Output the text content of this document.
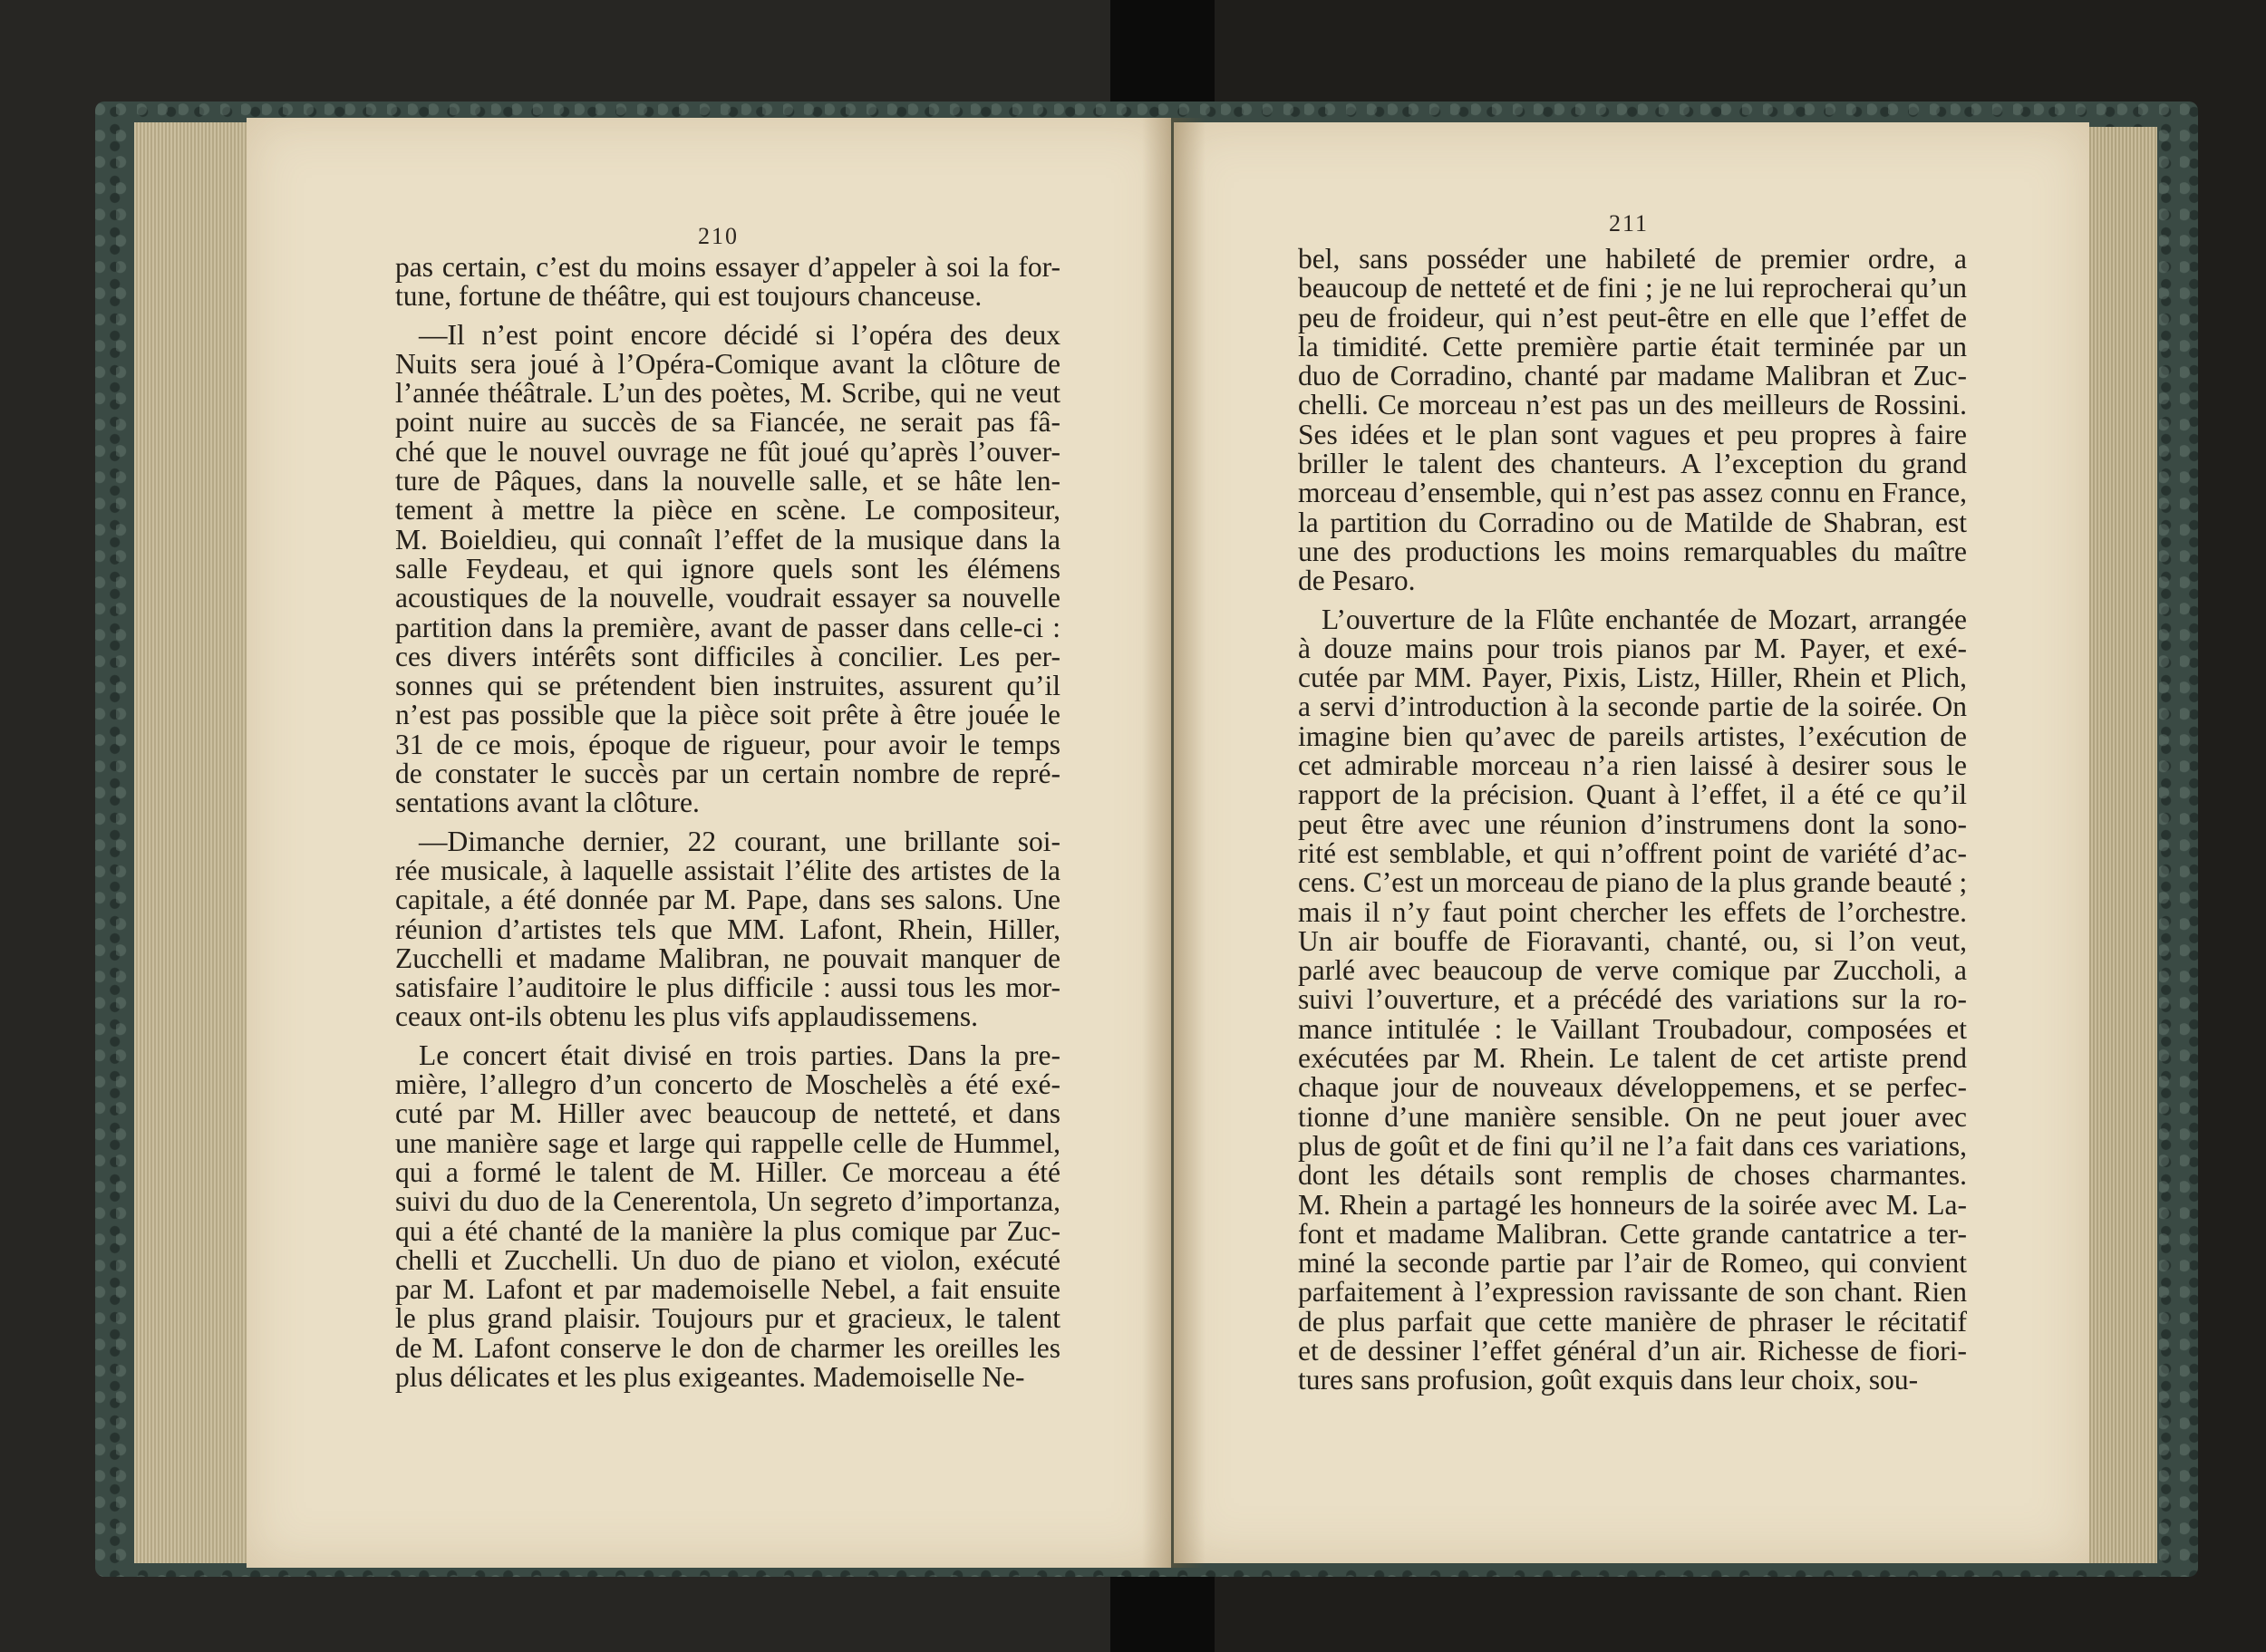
210	211
pas certain, c’est du moins essayer d’appeler à soi la for-
tune, fortune de théâtre, qui est toujours chanceuse.
—Il n’est point encore décidé si l’opéra des deux
Nuits sera joué à l’Opéra-Comique avant la clôture de
l’année théâtrale. L’un des poètes, M. Scribe, qui ne veut
point nuire au succès de sa Fiancée, ne serait pas fâ-
ché que le nouvel ouvrage ne fût joué qu’après l’ouver-
ture de Pâques, dans la nouvelle salle, et se hâte len-
tement à mettre la pièce en scène. Le compositeur,
M. Boieldieu, qui connaît l’effet de la musique dans la
salle Feydeau, et qui ignore quels sont les élémens
acoustiques de la nouvelle, voudrait essayer sa nouvelle
partition dans la première, avant de passer dans celle-ci :
ces divers intérêts sont difficiles à concilier. Les per-
sonnes qui se prétendent bien instruites, assurent qu’il
n’est pas possible que la pièce soit prête à être jouée le
31 de ce mois, époque de rigueur, pour avoir le temps
de constater le succès par un certain nombre de repré-
sentations avant la clôture.
—Dimanche dernier, 22 courant, une brillante soi-
rée musicale, à laquelle assistait l’élite des artistes de la
capitale, a été donnée par M. Pape, dans ses salons. Une
réunion d’artistes tels que MM. Lafont, Rhein, Hiller,
Zucchelli et madame Malibran, ne pouvait manquer de
satisfaire l’auditoire le plus difficile : aussi tous les mor-
ceaux ont-ils obtenu les plus vifs applaudissemens.
Le concert était divisé en trois parties. Dans la pre-
mière, l’allegro d’un concerto de Moschelès a été exé-
cuté par M. Hiller avec beaucoup de netteté, et dans
une manière sage et large qui rappelle celle de Hummel,
qui a formé le talent de M. Hiller. Ce morceau a été
suivi du duo de la Cenerentola, Un segreto d’importanza,
qui a été chanté de la manière la plus comique par Zuc-
chelli et Zucchelli. Un duo de piano et violon, exécuté
par M. Lafont et par mademoiselle Nebel, a fait ensuite
le plus grand plaisir. Toujours pur et gracieux, le talent
de M. Lafont conserve le don de charmer les oreilles les
plus délicates et les plus exigeantes. Mademoiselle Ne-
bel, sans posséder une habileté de premier ordre, a
beaucoup de netteté et de fini ; je ne lui reprocherai qu’un
peu de froideur, qui n’est peut-être en elle que l’effet de
la timidité. Cette première partie était terminée par un
duo de Corradino, chanté par madame Malibran et Zuc-
chelli. Ce morceau n’est pas un des meilleurs de Rossini.
Ses idées et le plan sont vagues et peu propres à faire
briller le talent des chanteurs. A l’exception du grand
morceau d’ensemble, qui n’est pas assez connu en France,
la partition du Corradino ou de Matilde de Shabran, est
une des productions les moins remarquables du maître
de Pesaro.
L’ouverture de la Flûte enchantée de Mozart, arrangée
à douze mains pour trois pianos par M. Payer, et exé-
cutée par MM. Payer, Pixis, Listz, Hiller, Rhein et Plich,
a servi d’introduction à la seconde partie de la soirée. On
imagine bien qu’avec de pareils artistes, l’exécution de
cet admirable morceau n’a rien laissé à desirer sous le
rapport de la précision. Quant à l’effet, il a été ce qu’il
peut être avec une réunion d’instrumens dont la sono-
rité est semblable, et qui n’offrent point de variété d’ac-
cens. C’est un morceau de piano de la plus grande beauté ;
mais il n’y faut point chercher les effets de l’orchestre.
Un air bouffe de Fioravanti, chanté, ou, si l’on veut,
parlé avec beaucoup de verve comique par Zuccholi, a
suivi l’ouverture, et a précédé des variations sur la ro-
mance intitulée : le Vaillant Troubadour, composées et
exécutées par M. Rhein. Le talent de cet artiste prend
chaque jour de nouveaux développemens, et se perfec-
tionne d’une manière sensible. On ne peut jouer avec
plus de goût et de fini qu’il ne l’a fait dans ces variations,
dont les détails sont remplis de choses charmantes.
M. Rhein a partagé les honneurs de la soirée avec M. La-
font et madame Malibran. Cette grande cantatrice a ter-
miné la seconde partie par l’air de Romeo, qui convient
parfaitement à l’expression ravissante de son chant. Rien
de plus parfait que cette manière de phraser le récitatif
et de dessiner l’effet général d’un air. Richesse de fiori-
tures sans profusion, goût exquis dans leur choix, sou-
